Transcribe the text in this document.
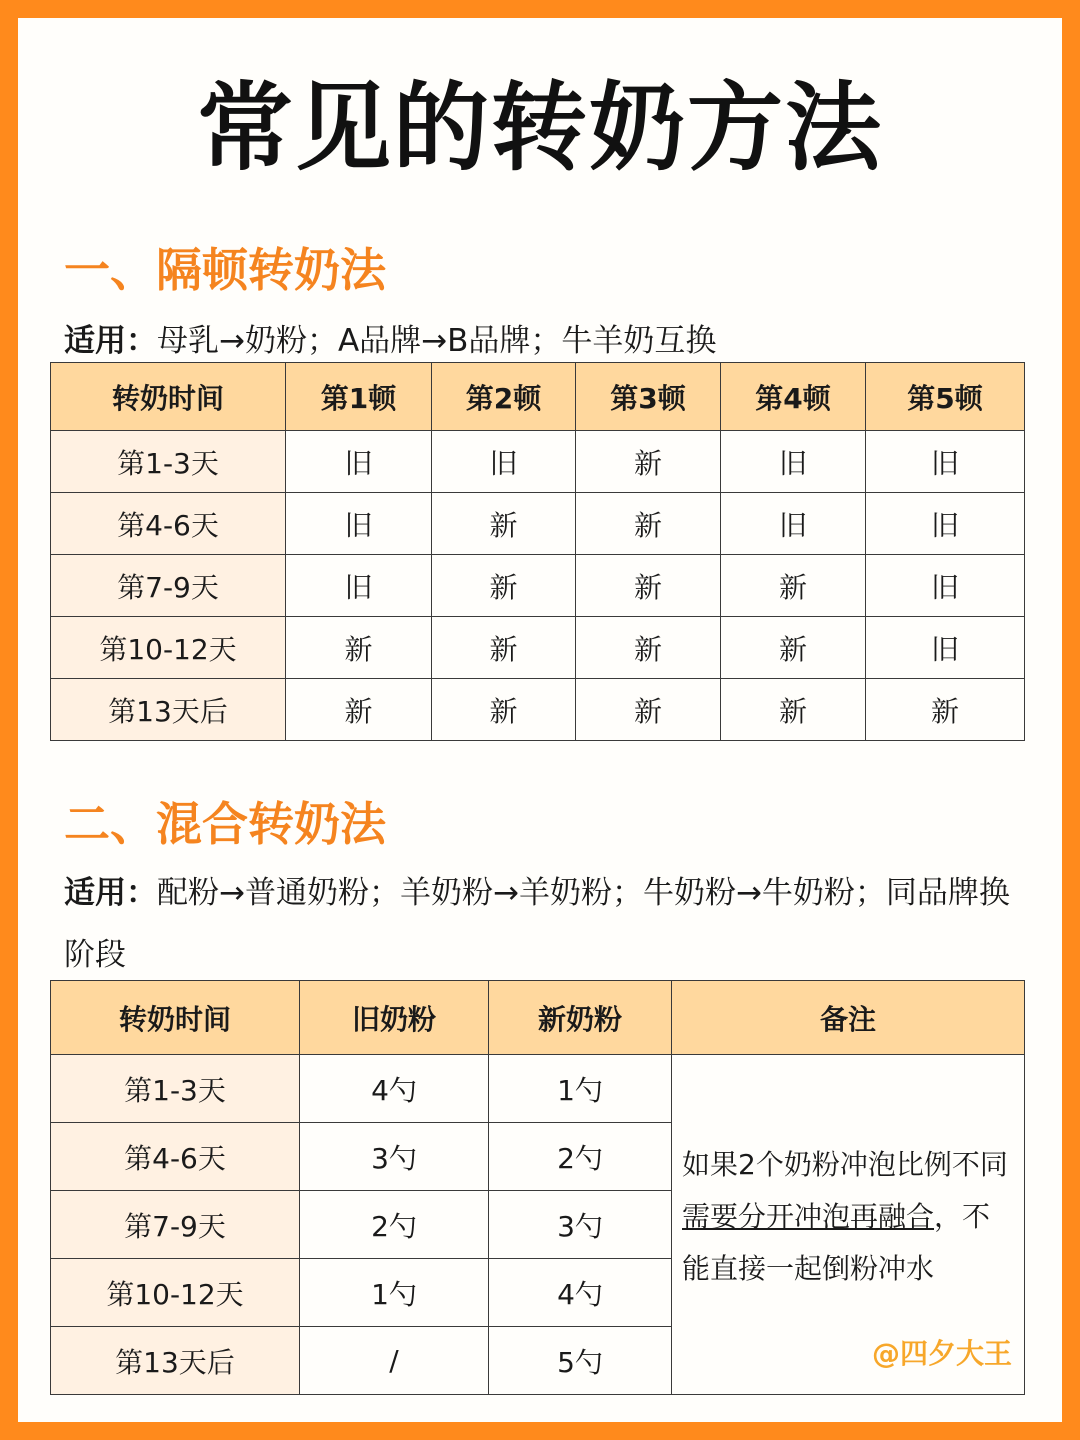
常见的转奶方法
一、隔顿转奶法

适用：母乳→奶粉；A品牌→B品牌；牛羊奶互换

转奶时间	第1顿	第2顿	第3顿	第4顿	第5顿
第1-3天	旧	旧	新	旧	旧
第4-6天	旧	新	新	旧	旧
第7-9天	旧	新	新	新	旧
第10-12天	新	新	新	新	旧
第13天后	新	新	新	新	新
二、混合转奶法

适用：配粉→普通奶粉；羊奶粉→羊奶粉；牛奶粉→牛奶粉；同品牌换阶段

转奶时间	旧奶粉	新奶粉	备注
第1-3天	4勺	1勺	如果2个奶粉冲泡比例不同需要分开冲泡再融合，不能直接一起倒粉冲水
@四夕大王

第4-6天	3勺	2勺	
第7-9天	2勺	3勺	
第10-12天	1勺	4勺	
第13天后	/	5勺	
